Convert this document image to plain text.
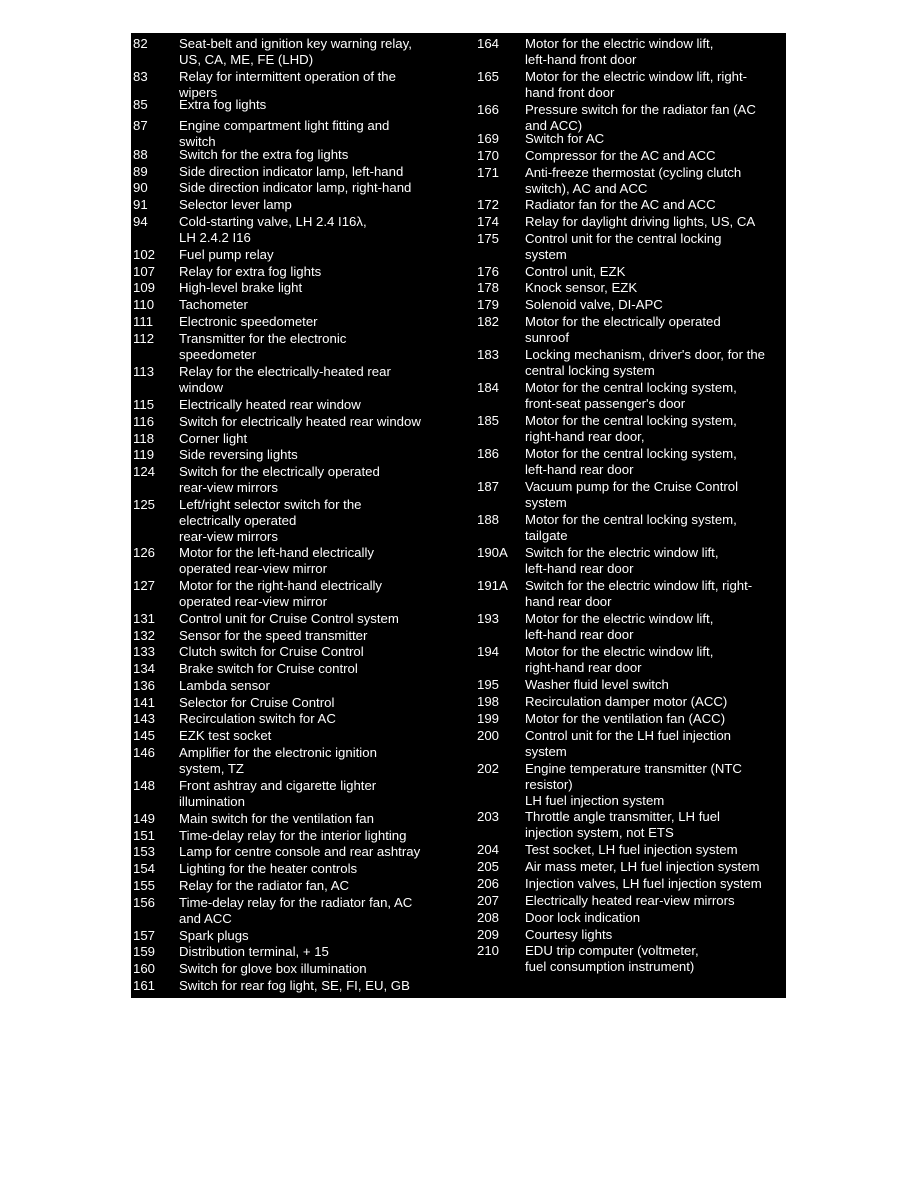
82 Seat-belt and ignition key warning relay,
US, CA, ME, FE (LHD)
83 Relay for intermittent operation of the
wipers
85 Extra fog lights
87 Engine compartment light fitting and
switch
88 Switch for the extra fog lights
89 Side direction indicator lamp, left-hand
90 Side direction indicator lamp, right-hand
91 Selector lever lamp
94 Cold-starting valve, LH 2.4 I16λ,
LH 2.4.2 I16
102 Fuel pump relay
107 Relay for extra fog lights
109 High-level brake light
110 Tachometer
111 Electronic speedometer
112 Transmitter for the electronic
speedometer
113 Relay for the electrically-heated rear
window
115 Electrically heated rear window
116 Switch for electrically heated rear window
118 Corner light
119 Side reversing lights
124 Switch for the electrically operated
rear-view mirrors
125 Left/right selector switch for the
electrically operated
rear-view mirrors
126 Motor for the left-hand electrically
operated rear-view mirror
127 Motor for the right-hand electrically
operated rear-view mirror
131 Control unit for Cruise Control system
132 Sensor for the speed transmitter
133 Clutch switch for Cruise Control
134 Brake switch for Cruise control
136 Lambda sensor
141 Selector for Cruise Control
143 Recirculation switch for AC
145 EZK test socket
146 Amplifier for the electronic ignition
system, TZ
148 Front ashtray and cigarette lighter
illumination
149 Main switch for the ventilation fan
151 Time-delay relay for the interior lighting
153 Lamp for centre console and rear ashtray
154 Lighting for the heater controls
155 Relay for the radiator fan, AC
156 Time-delay relay for the radiator fan, AC
and ACC
157 Spark plugs
159 Distribution terminal, + 15
160 Switch for glove box illumination
161 Switch for rear fog light, SE, FI, EU, GB
164 Motor for the electric window lift,
left-hand front door
165 Motor for the electric window lift, right-
hand front door
166 Pressure switch for the radiator fan (AC
and ACC)
169 Switch for AC
170 Compressor for the AC and ACC
171 Anti-freeze thermostat (cycling clutch
switch), AC and ACC
172 Radiator fan for the AC and ACC
174 Relay for daylight driving lights, US, CA
175 Control unit for the central locking
system
176 Control unit, EZK
178 Knock sensor, EZK
179 Solenoid valve, DI-APC
182 Motor for the electrically operated
sunroof
183 Locking mechanism, driver's door, for the
central locking system
184 Motor for the central locking system,
front-seat passenger's door
185 Motor for the central locking system,
right-hand rear door,
186 Motor for the central locking system,
left-hand rear door
187 Vacuum pump for the Cruise Control
system
188 Motor for the central locking system,
tailgate
190A Switch for the electric window lift,
left-hand rear door
191A Switch for the electric window lift, right-
hand rear door
193 Motor for the electric window lift,
left-hand rear door
194 Motor for the electric window lift,
right-hand rear door
195 Washer fluid level switch
198 Recirculation damper motor (ACC)
199 Motor for the ventilation fan (ACC)
200 Control unit for the LH fuel injection
system
202 Engine temperature transmitter (NTC
resistor)
LH fuel injection system
203 Throttle angle transmitter, LH fuel
injection system, not ETS
204 Test socket, LH fuel injection system
205 Air mass meter, LH fuel injection system
206 Injection valves, LH fuel injection system
207 Electrically heated rear-view mirrors
208 Door lock indication
209 Courtesy lights
210 EDU trip computer (voltmeter,
fuel consumption instrument)
